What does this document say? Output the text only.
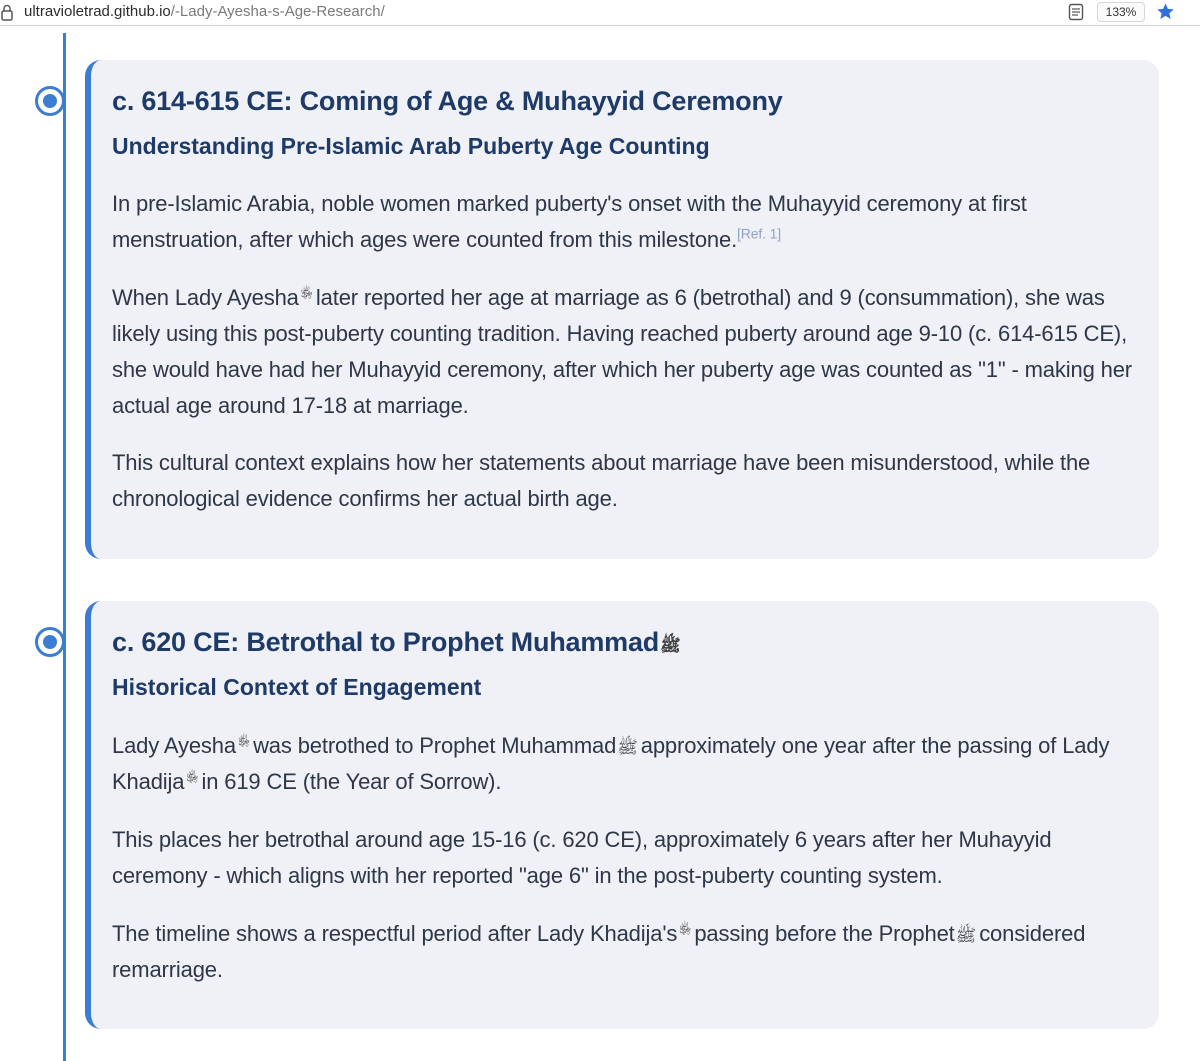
ultravioletrad.github.io/-Lady-Ayesha-s-Age-Research/	133%
c. 614-615 CE: Coming of Age & Muhayyid Ceremony
Understanding Pre-Islamic Arab Puberty Age Counting

In pre-Islamic Arabia, noble women marked puberty's onset with the Muhayyid ceremony at first menstruation, after which ages were counted from this milestone.[Ref. 1]

When Lady Ayesha ﵂ later reported her age at marriage as 6 (betrothal) and 9 (consummation), she was likely using this post-puberty counting tradition. Having reached puberty around age 9-10 (c. 614-615 CE), she would have had her Muhayyid ceremony, after which her puberty age was counted as "1" - making her actual age around 17-18 at marriage.

This cultural context explains how her statements about marriage have been misunderstood, while the chronological evidence confirms her actual birth age.

c. 620 CE: Betrothal to Prophet Muhammadﷺ
Historical Context of Engagement

Lady Ayesha ﵂ was betrothed to Prophet Muhammadﷺ approximately one year after the passing of Lady Khadija ﵂ in 619 CE (the Year of Sorrow).

This places her betrothal around age 15-16 (c. 620 CE), approximately 6 years after her Muhayyid ceremony - which aligns with her reported "age 6" in the post-puberty counting system.

The timeline shows a respectful period after Lady Khadija's ﵂ passing before the Prophetﷺ considered remarriage.
